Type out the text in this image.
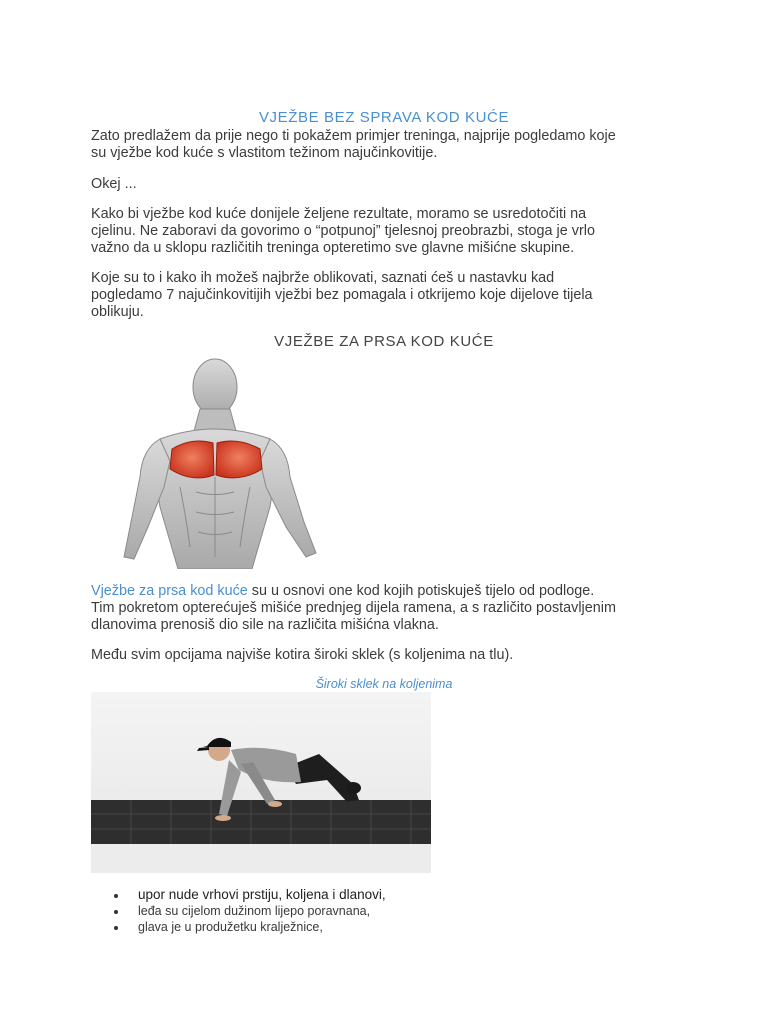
VJEŽBE BEZ SPRAVA KOD KUĆE
Zato predlažem da prije nego ti pokažem primjer treninga, najprije pogledamo koje
su vježbe kod kuće s vlastitom težinom najučinkovitije.
Okej ...
Kako bi vježbe kod kuće donijele željene rezultate, moramo se usredotočiti na
cjelinu. Ne zaboravi da govorimo o “potpunoj” tjelesnoj preobrazbi, stoga je vrlo
važno da u sklopu različitih treninga opteretimo sve glavne mišićne skupine.
Koje su to i kako ih možeš najbrže oblikovati, saznati ćeš u nastavku kad
pogledamo 7 najučinkovitijih vježbi bez pomagala i otkrijemo koje dijelove tijela
oblikuju.
VJEŽBE ZA PRSA KOD KUĆE
Vježbe za prsa kod kuće su u osnovi one kod kojih potiskuješ tijelo od podloge.
Tim pokretom opterećuješ mišiće prednjeg dijela ramena, a s različito postavljenim
dlanovima prenosiš dio sile na različita mišićna vlakna.
Među svim opcijama najviše kotira široki sklek (s koljenima na tlu).
Široki sklek na koljenima
upor nude vrhovi prstiju, koljena i dlanovi,
leđa su cijelom dužinom lijepo poravnana,
glava je u produžetku kralježnice,
